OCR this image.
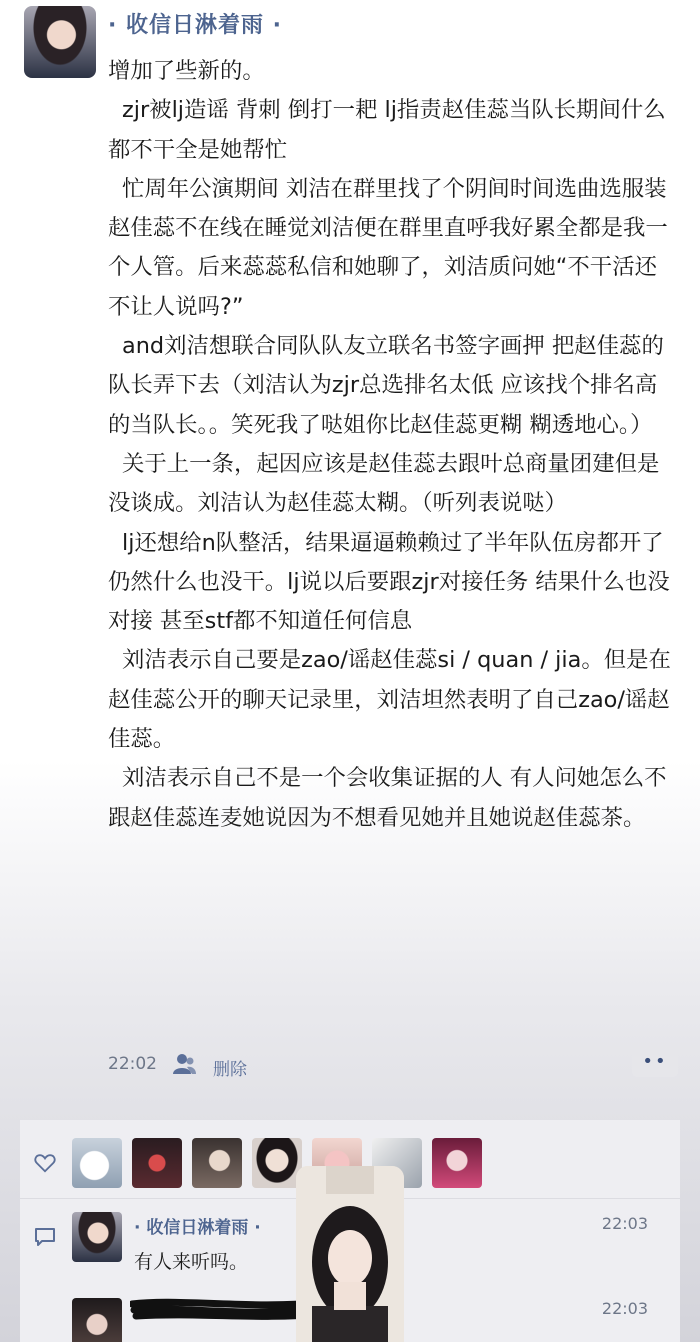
· 收信日淋着雨 ·

增加了些新的。

zjr被lj造谣 背刺 倒打一耙 lj指责赵佳蕊当队长期间什么都不干全是她帮忙

忙周年公演期间 刘洁在群里找了个阴间时间选曲选服装 赵佳蕊不在线在睡觉刘洁便在群里直呼我好累全都是我一个人管。后来蕊蕊私信和她聊了，刘洁质问她“不干活还不让人说吗?”

and刘洁想联合同队队友立联名书签字画押 把赵佳蕊的队长弄下去（刘洁认为zjr总选排名太低 应该找个排名高的当队长。。笑死我了哒姐你比赵佳蕊更糊 糊透地心。）

关于上一条，起因应该是赵佳蕊去跟叶总商量团建但是没谈成。刘洁认为赵佳蕊太糊。（听列表说哒）

lj还想给n队整活，结果逼逼赖赖过了半年队伍房都开了仍然什么也没干。lj说以后要跟zjr对接任务 结果什么也没对接 甚至stf都不知道任何信息

刘洁表示自己要是zao/谣赵佳蕊si / quan / jia。但是在赵佳蕊公开的聊天记录里，刘洁坦然表明了自己zao/谣赵佳蕊。

刘洁表示自己不是一个会收集证据的人 有人问她怎么不跟赵佳蕊连麦她说因为不想看见她并且她说赵佳蕊茶。

22:02	删除	••
· 收信日淋着雨 ·
有人来听吗。
22:03
22:03
